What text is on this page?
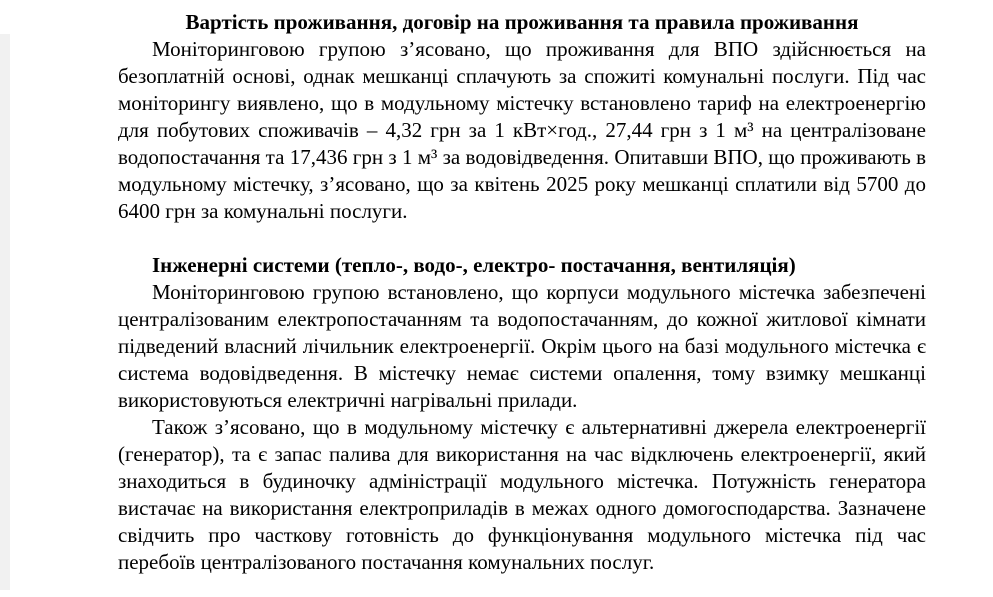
Вартість проживання, договір на проживання та правила проживання

Моніторинговою групою з’ясовано, що проживання для ВПО здійснюється на безоплатній основі, однак мешканці сплачують за спожиті комунальні послуги. Під час моніторингу виявлено, що в модульному містечку встановлено тариф на електроенергію для побутових споживачів – 4,32 грн за 1 кВт×год., 27,44 грн з 1 м³ на централізоване водопостачання та 17,436 грн з 1 м³ за водовідведення. Опитавши ВПО, що проживають в модульному містечку, з’ясовано, що за квітень 2025 року мешканці сплатили від 5700 до 6400 грн за комунальні послуги.

Інженерні системи (тепло-, водо-, електро- постачання, вентиляція)

Моніторинговою групою встановлено, що корпуси модульного містечка забезпечені централізованим електропостачанням та водопостачанням, до кожної житлової кімнати підведений власний лічильник електроенергії. Окрім цього на базі модульного містечка є система водовідведення. В містечку немає системи опалення, тому взимку мешканці використовуються електричні нагрівальні прилади.

Також з’ясовано, що в модульному містечку є альтернативні джерела електроенергії (генератор), та є запас палива для використання на час відключень електроенергії, який знаходиться в будиночку адміністрації модульного містечка. Потужність генератора вистачає на використання електроприладів в межах одного домогосподарства. Зазначене свідчить про часткову готовність до функціонування модульного містечка під час перебоїв централізованого постачання комунальних послуг.
